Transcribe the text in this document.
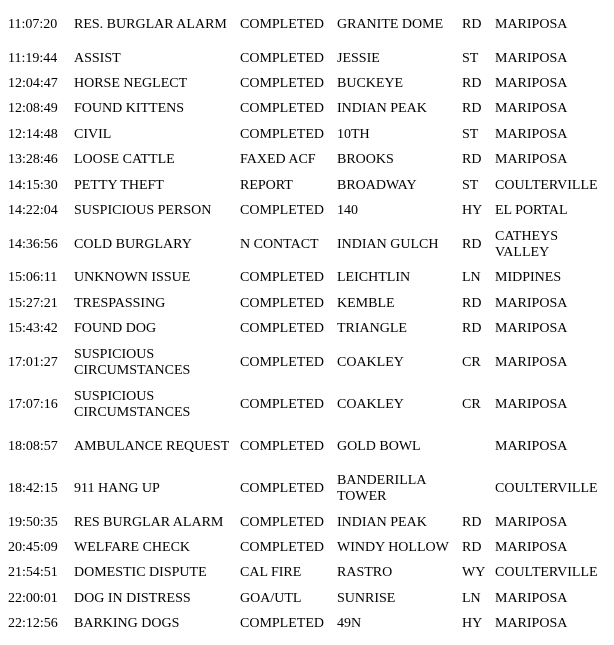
11:07:20	RES. BURGLAR ALARM	COMPLETED	GRANITE DOME	RD	MARIPOSA
11:19:44	ASSIST	COMPLETED	JESSIE	ST	MARIPOSA
12:04:47	HORSE NEGLECT	COMPLETED	BUCKEYE	RD	MARIPOSA
12:08:49	FOUND KITTENS	COMPLETED	INDIAN PEAK	RD	MARIPOSA
12:14:48	CIVIL	COMPLETED	10TH	ST	MARIPOSA
13:28:46	LOOSE CATTLE	FAXED ACF	BROOKS	RD	MARIPOSA
14:15:30	PETTY THEFT	REPORT	BROADWAY	ST	COULTERVILLE
14:22:04	SUSPICIOUS PERSON	COMPLETED	140	HY	EL PORTAL
14:36:56	COLD BURGLARY	N CONTACT	INDIAN GULCH	RD	CATHEYS VALLEY
15:06:11	UNKNOWN ISSUE	COMPLETED	LEICHTLIN	LN	MIDPINES
15:27:21	TRESPASSING	COMPLETED	KEMBLE	RD	MARIPOSA
15:43:42	FOUND DOG	COMPLETED	TRIANGLE	RD	MARIPOSA
17:01:27	SUSPICIOUS CIRCUMSTANCES	COMPLETED	COAKLEY	CR	MARIPOSA
17:07:16	SUSPICIOUS CIRCUMSTANCES	COMPLETED	COAKLEY	CR	MARIPOSA
18:08:57	AMBULANCE REQUEST	COMPLETED	GOLD BOWL		MARIPOSA
18:42:15	911 HANG UP	COMPLETED	BANDERILLA TOWER		COULTERVILLE
19:50:35	RES BURGLAR ALARM	COMPLETED	INDIAN PEAK	RD	MARIPOSA
20:45:09	WELFARE CHECK	COMPLETED	WINDY HOLLOW	RD	MARIPOSA
21:54:51	DOMESTIC DISPUTE	CAL FIRE	RASTRO	WY	COULTERVILLE
22:00:01	DOG IN DISTRESS	GOA/UTL	SUNRISE	LN	MARIPOSA
22:12:56	BARKING DOGS	COMPLETED	49N	HY	MARIPOSA
